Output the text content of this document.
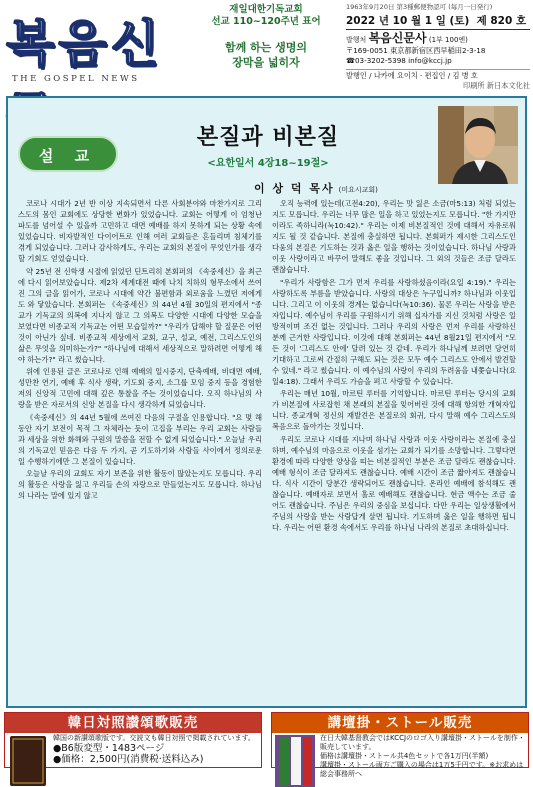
복음신
THE GOSPEL NEWS
재일대한기독교회
선교 110~120주년 표어
함께 하는 생명의
장막을 넓히자
1963年9月20日 第3種郵便物認可 (毎月一日発行)
2022 년 10 월 1 일 (토) 제 820 호
발행처 복음신문사 (1부 100엔)
〒169-0051 東京都新宿区西早稲田2-3-18
☎03-3202-5398 info@kccj.jp
발행인 / 나카에 요이치 · 편집인 / 김 병 호
印刷所 新日本文化社
설 교
본질과 비본질
<요한일서 4장18~19절>
이 상 덕 목사 (미요시교회)

코로나 시대가 2년 반 이상 지속되면서 다른 사회분야와 마찬가지로 그리스도의 몸인 교회에도 상당한 변화가 있었습니다. 교회는 어떻게 이 엄청난 파도를 넘어설 수 있을까 고민하고 대면 예배를 하지 못하게 되는 상황 속에 있었습니다. 비자발적인 다이어트로 인해 여러 교회들은 흔들리며 침체기를 겪게 되었습니다. 그러나 감사하게도, 우리는 교회의 본질이 무엇인가를 생각할 기회도 얻었습니다.

약 25년 전 신학생 시절에 읽었던 딘트리히 본회퍼의 《속중세신》을 최근에 다시 읽어보았습니다. 제2차 세계대전 때에 나치 치하의 형무소에서 쓰여진 그의 글을 읽어가, 코로나 시대에 약간 불편함과 외로움을 느꼈던 저에게도 와 닿았습니다. 본회퍼는 《속중세신》의 44년 4월 30일의 편지에서 "종교가 기독교의 의복에 지나지 않고 그 의복도 다양한 시대에 다양한 모습을 보였다면 비종교적 기독교는 어떤 모습일까?" "우리가 답해야 할 질문은 어떤 것이 아닌가 싶네. 비종교적 세상에서 교회, 교구, 설교, 예전, 그리스도인의 삶은 무엇을 의미하는가?" "하나님에 대해서 세상적으로 말하려면 어떻게 해야 하는가?" 라고 썼습니다.

위에 인용된 글은 코로나로 인해 예배의 일시중지, 단축예배, 비대면 예배, 성만찬 연기, 예배 후 식사 생략, 기도회 중지, 소그룹 모임 중지 등을 경험한 저의 신앙적 고민에 대해 깊은 통찰을 주는 것이었습니다. 오직 하나님의 사랑을 받은 자로서의 신앙 본질을 다시 생각하게 되었습니다.

《속중세신》의 44년 5월에 쓰여진 다음의 구절을 인용합니다. "요 몇 해 동안 자기 보전이 목적 그 자체라는 듯이 고집을 부리는 우리 교회는 사람들과 세상을 위한 화해와 구원의 말씀을 전할 수 없게 되었습니다." 오늘날 우리의 기독교인 믿음은 다음 두 가지, 곧 기도하기와 사람들 사이에서 정의로운 일 수행하기에만 그 본질이 있습니다.

오늘날 우리의 교회도 자기 보존을 위한 활동이 많았는지도 모릅니다. 우리의 활동은 사랑을 잃고 우리들 손의 자랑으로 만들었는지도 모릅니다. 하나님의 나라는 말에 있지 않고

오직 능력에 있는데(고전4:20), 우리는 맛 잃은 소금(마5:13) 처럼 되었는지도 모릅니다. 우리는 너무 많은 일을 하고 있었는지도 모릅니다. "한 가지만이라도 족하니라(눅10:42)." 우리는 이제 비본질적인 것에 대해서 자유로워지도 될 것 같습니다. 본질에 충실하면 됩니다. 본회퍼가 제시한 그리스도인다움의 본질은 기도하는 것과 옳은 일을 행하는 것이었습니다. 하나님 사랑과 이웃 사랑이라고 바꾸어 말해도 좋을 것입니다. 그 외의 것들은 조금 달라도 괜찮습니다.

"우리가 사랑함은 그가 먼저 우리를 사랑하셨음이라(요일 4:19)." 우리는 사랑하도록 부름을 받았습니다. 사랑의 대상은 누구입니까? 하나님과 이웃입니다. 그리고 이 이웃의 경계는 없습니다(눅10:36). 물론 우리는 사랑을 받은 자입니다. 예수님이 우리를 구원하시기 위해 십자가를 지신 것처럼 사랑은 일방적이며 조건 없는 것입니다. 그러나 우리의 사랑은 먼저 우리를 사랑하신 분께 근거한 사랑입니다. 이것에 대해 본회퍼는 44년 8월21일 편지에서 "모든 것이 '그리스도 안에' 달려 있는 것 같네. 우리가 하나님께 보려면 당연히 기대하고 그로써 간절히 구해도 되는 것은 모두 예수 그리스도 안에서 발견할 수 있네." 라고 썼습니다. 이 예수님의 사랑이 우리의 두려움을 내쫓습니다(요일4:18). 그래서 우리도 가슴을 펴고 사랑할 수 있습니다.

우리는 매년 10월, 마르틴 루터를 기억합니다. 마르틴 루터는 당시의 교회가 비본질에 사로잡힌 채 본래의 본질을 잊어버린 것에 대해 항의한 개혁자입니다. 종교개혁 정신의 재발견은 본질로의 회귀, 다시 말해 예수 그리스도의 복음으로 돌아가는 것입니다.

우리도 코로나 시대를 지나며 하나님 사랑과 이웃 사랑이라는 본질에 충실하며, 예수님의 마음으로 이웃을 섬기는 교회가 되기를 소망합니다. 그렇다면 환경에 따라 다양한 양상을 띠는 비본질적인 부분은 조금 달라도 괜찮습니다. 예배 형식이 조금 달라져도 괜찮습니다. 예배 시간이 조금 짧아져도 괜찮습니다. 식사 시간이 당분간 생략되어도 괜찮습니다. 온라인 예배에 참석해도 괜찮습니다. 예배자로 보면서 홀로 예배해도 괜찮습니다. 현금 액수는 조금 줄어도 괜찮습니다. 주님은 우리의 중심을 보십니다. 다만 우리는 일상생활에서 주님의 사랑을 받는 사람답게 살면 됩니다. 기도하며 옳은 일을 행하면 됩니다. 우리는 어떤 환경 속에서도 우리를 하나님 나라의 본질로 초대하십니다.

韓日対照讃頌歌販売
韓国の新讃頌歌版です。交読文も韓日対照で掲載されています。
●B6版変型・1483ページ
●価格：2,500円(消費税·送料込み)
講壇掛・ストール販売
在日大韓基督教会ではKCCJのロゴ入り講壇掛・ストールを制作・販売しています。
価格は講壇掛・ストール共4色セットで各1万円(半額)
講壇掛・ストール両方ご購入の場合は1万5千円です。※お求めは総会事務所へ
